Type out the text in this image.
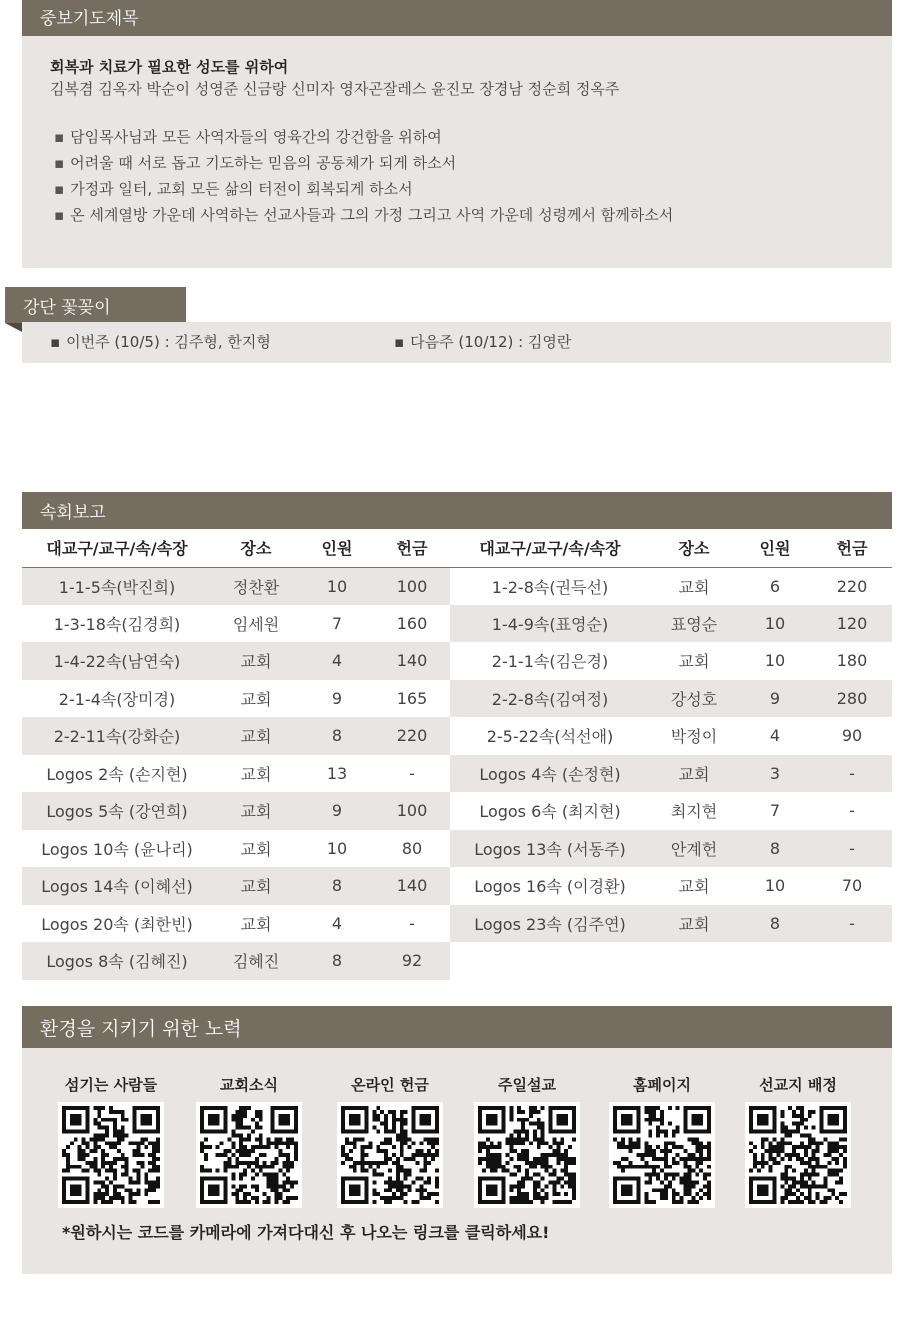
중보기도제목
회복과 치료가 필요한 성도를 위하여
김복겸 김옥자 박순이 성영준 신금랑 신미자 영자곤잘레스 윤진모 장경남 정순희 정옥주
▪ 담임목사님과 모든 사역자들의 영육간의 강건함을 위하여
▪ 어려울 때 서로 돕고 기도하는 믿음의 공동체가 되게 하소서
▪ 가정과 일터, 교회 모든 삶의 터전이 회복되게 하소서
▪ 온 세계열방 가운데 사역하는 선교사들과 그의 가정 그리고 사역 가운데 성령께서 함께하소서
강단 꽃꽂이
▪ 이번주 (10/5) : 김주형, 한지형	▪ 다음주 (10/12) : 김영란
속회보고
대교구/교구/속/속장	장소	인원	헌금	대교구/교구/속/속장	장소	인원	헌금
1-1-5속(박진희)	정찬환	10	100	1-2-8속(권득선)	교회	6	220
1-3-18속(김경희)	임세원	7	160	1-4-9속(표영순)	표영순	10	120
1-4-22속(남연숙)	교회	4	140	2-1-1속(김은경)	교회	10	180
2-1-4속(장미경)	교회	9	165	2-2-8속(김여정)	강성호	9	280
2-2-11속(강화순)	교회	8	220	2-5-22속(석선애)	박정이	4	90
Logos 2속 (손지현)	교회	13	-	Logos 4속 (손정현)	교회	3	-
Logos 5속 (강연희)	교회	9	100	Logos 6속 (최지현)	최지현	7	-
Logos 10속 (윤나리)	교회	10	80	Logos 13속 (서동주)	안계헌	8	-
Logos 14속 (이혜선)	교회	8	140	Logos 16속 (이경환)	교회	10	70
Logos 20속 (최한빈)	교회	4	-	Logos 23속 (김주연)	교회	8	-
Logos 8속 (김혜진)	김혜진	8	92				
환경을 지키기 위한 노력
섬기는 사람들	교회소식	온라인 헌금	주일설교	홈페이지	선교지 배정
*원하시는 코드를 카메라에 가져다대신 후 나오는 링크를 클릭하세요!
